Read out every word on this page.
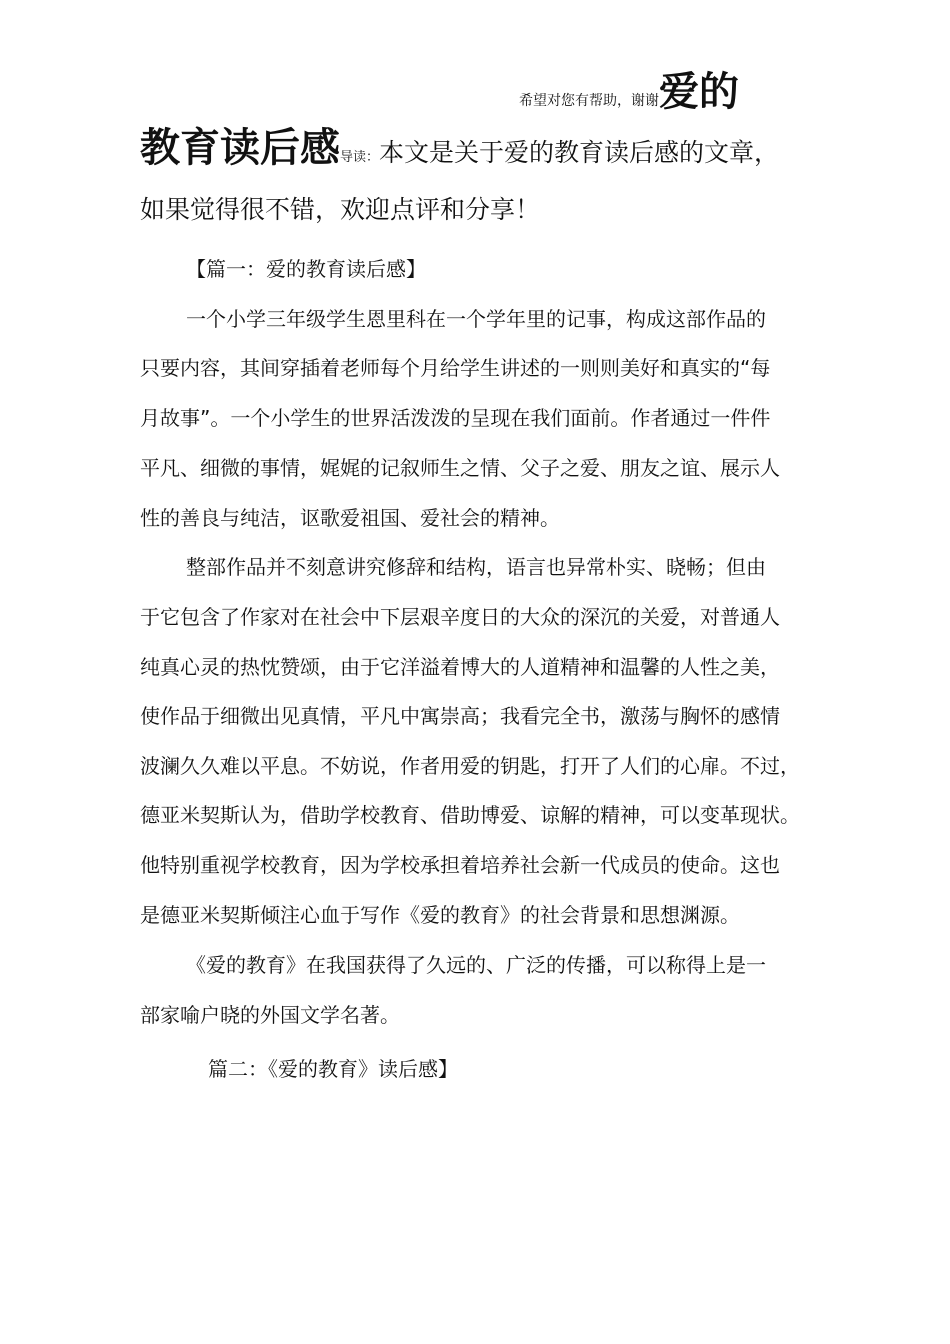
希望对您有帮助，谢谢爱的
教育读后感导读：本文是关于爱的教育读后感的文章，
如果觉得很不错，欢迎点评和分享！
【篇一：爱的教育读后感】
一个小学三年级学生恩里科在一个学年里的记事，构成这部作品的
只要内容，其间穿插着老师每个月给学生讲述的一则则美好和真实的“每
月故事”。一个小学生的世界活泼泼的呈现在我们面前。作者通过一件件
平凡、细微的事情，娓娓的记叙师生之情、父子之爱、朋友之谊、展示人
性的善良与纯洁，讴歌爱祖国、爱社会的精神。
整部作品并不刻意讲究修辞和结构，语言也异常朴实、晓畅；但由
于它包含了作家对在社会中下层艰辛度日的大众的深沉的关爱，对普通人
纯真心灵的热忱赞颂，由于它洋溢着博大的人道精神和温馨的人性之美，
使作品于细微出见真情，平凡中寓崇高；我看完全书，激荡与胸怀的感情
波澜久久难以平息。不妨说，作者用爱的钥匙，打开了人们的心扉。不过，
德亚米契斯认为，借助学校教育、借助博爱、谅解的精神，可以变革现状。
他特别重视学校教育，因为学校承担着培养社会新一代成员的使命。这也
是德亚米契斯倾注心血于写作《爱的教育》的社会背景和思想渊源。
《爱的教育》在我国获得了久远的、广泛的传播，可以称得上是一
部家喻户晓的外国文学名著。
篇二：《爱的教育》读后感】
